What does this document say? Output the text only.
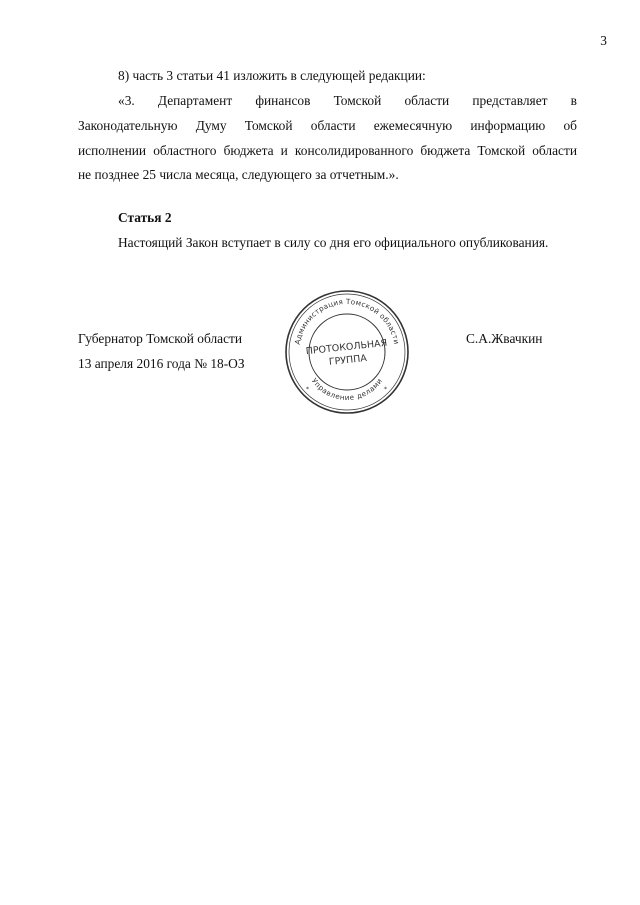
3
8) часть 3 статьи 41 изложить в следующей редакции:
«3. Департамент финансов Томской области представляет в
Законодательную Думу Томской области ежемесячную информацию об
исполнении областного бюджета и консолидированного бюджета Томской области
не позднее 25 числа месяца, следующего за отчетным.».
Статья 2
Настоящий Закон вступает в силу со дня его официального опубликования.
Губернатор Томской области
13 апреля 2016 года № 18-ОЗ
С.А.Жвачкин
Администрация Томской области
Управление делами
*	*
ПРОТОКОЛЬНАЯ
ГРУППА
